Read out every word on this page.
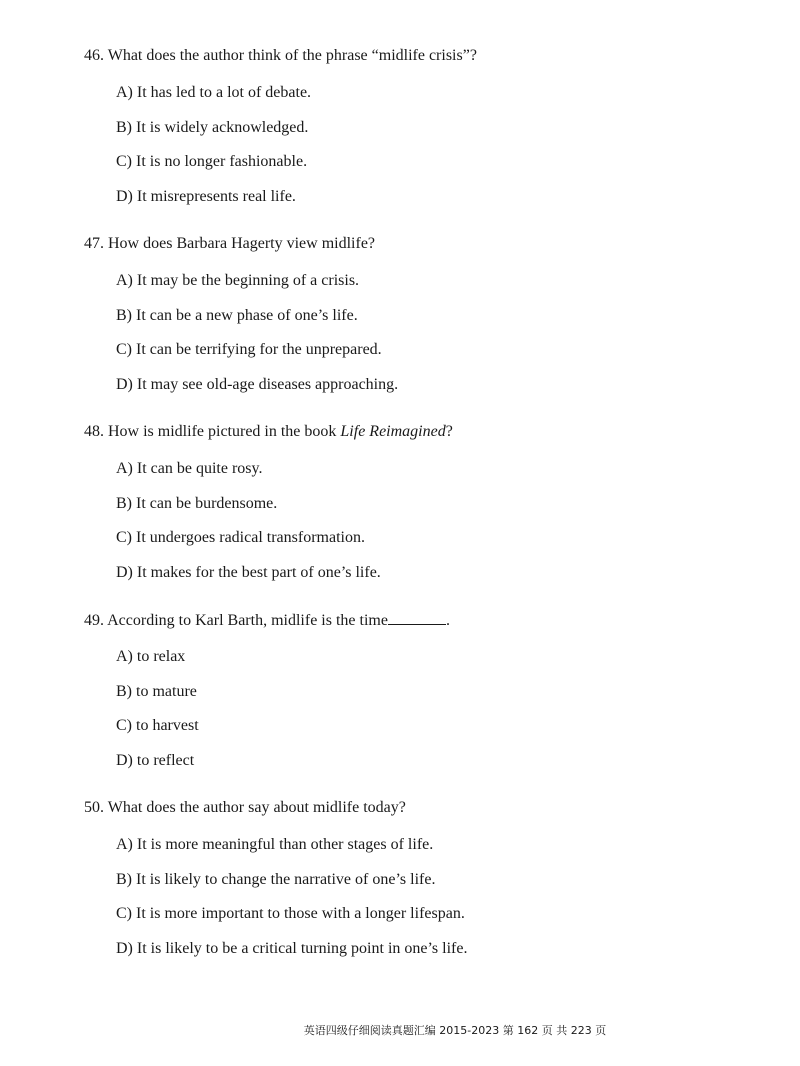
46. What does the author think of the phrase “midlife crisis”?
A) It has led to a lot of debate.
B) It is widely acknowledged.
C) It is no longer fashionable.
D) It misrepresents real life.
47. How does Barbara Hagerty view midlife?
A) It may be the beginning of a crisis.
B) It can be a new phase of one’s life.
C) It can be terrifying for the unprepared.
D) It may see old-age diseases approaching.
48. How is midlife pictured in the book Life Reimagined?
A) It can be quite rosy.
B) It can be burdensome.
C) It undergoes radical transformation.
D) It makes for the best part of one’s life.
49. According to Karl Barth, midlife is the time	.
A) to relax
B) to mature
C) to harvest
D) to reflect
50. What does the author say about midlife today?
A) It is more meaningful than other stages of life.
B) It is likely to change the narrative of one’s life.
C) It is more important to those with a longer lifespan.
D) It is likely to be a critical turning point in one’s life.
英语四级仔细阅读真题汇编 2015-2023 第 162 页 共 223 页
